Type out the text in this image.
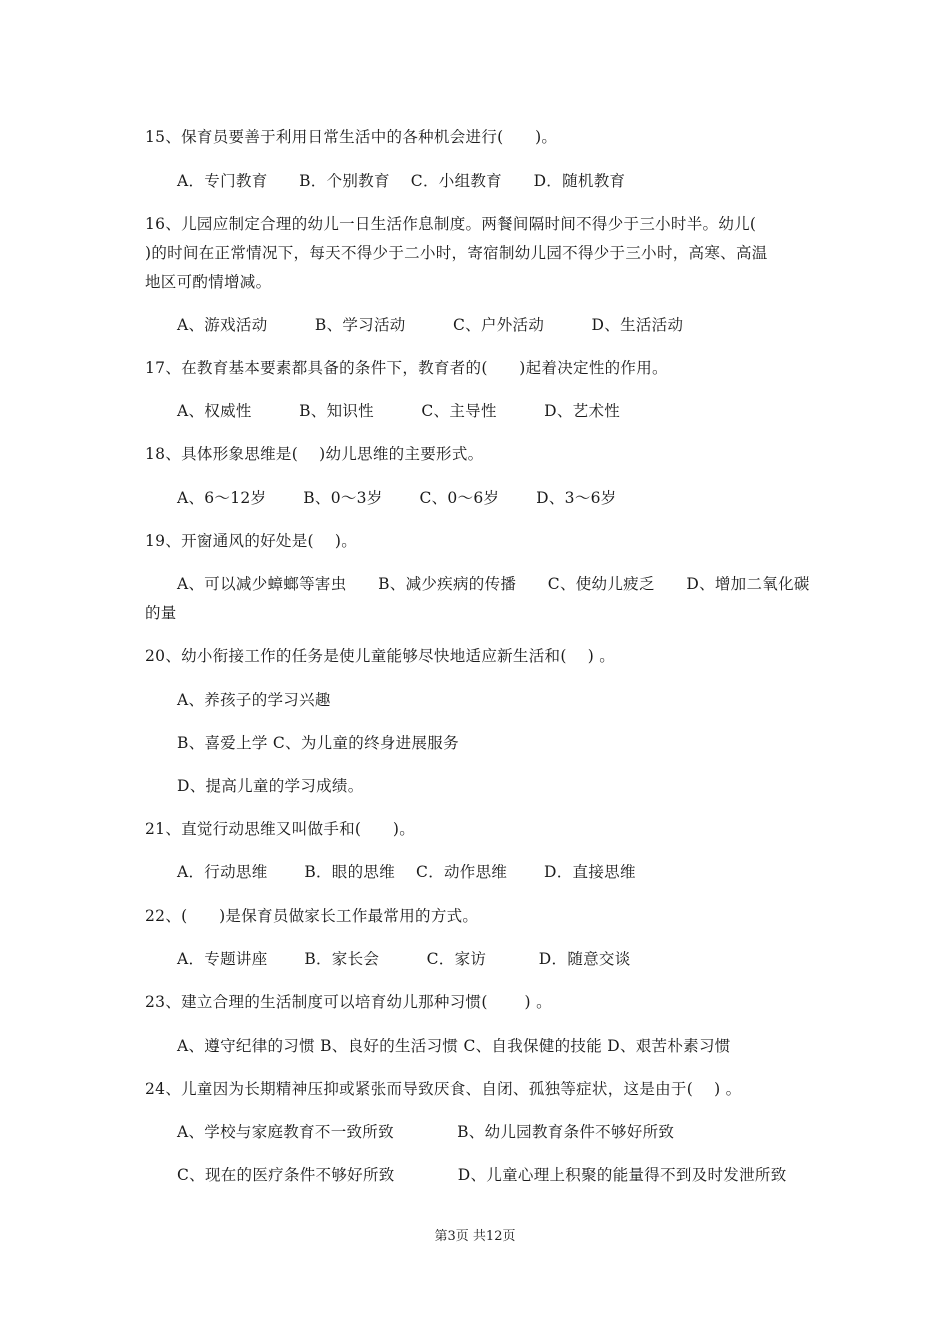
15、保育员要善于利用日常生活中的各种机会进行(　　)。
A．专门教育　　B．个别教育　 C．小组教育　　D．随机教育
16、儿园应制定合理的幼儿一日生活作息制度。两餐间隔时间不得少于三小时半。幼儿(
)的时间在正常情况下，每天不得少于二小时，寄宿制幼儿园不得少于三小时，高寒、高温
地区可酌情增减。
A、游戏活动　　　B、学习活动　　　C、户外活动　　　D、生活活动
17、在教育基本要素都具备的条件下，教育者的(　　)起着决定性的作用。
A、权威性　　　B、知识性　　　C、主导性　　　D、艺术性
18、具体形象思维是(　 )幼儿思维的主要形式。
A、6～12岁　　 B、0～3岁　　 C、0～6岁　　 D、3～6岁
19、开窗通风的好处是(　 )。
A、可以减少蟑螂等害虫　　B、减少疾病的传播　　C、使幼儿疲乏　　D、增加二氧化碳
的量
20、幼小衔接工作的任务是使儿童能够尽快地适应新生活和(　 ) 。
A、养孩子的学习兴趣
B、喜爱上学 C、为儿童的终身进展服务
D、提高儿童的学习成绩。
21、直觉行动思维又叫做手和(　　)。
A．行动思维　　 B．眼的思维　 C．动作思维　　 D．直接思维
22、(　　)是保育员做家长工作最常用的方式。
A．专题讲座　　 B．家长会　　　C．家访　　　 D．随意交谈
23、建立合理的生活制度可以培育幼儿那种习惯(　　 ) 。
A、遵守纪律的习惯 B、良好的生活习惯 C、自我保健的技能 D、艰苦朴素习惯
24、儿童因为长期精神压抑或紧张而导致厌食、自闭、孤独等症状，这是由于(　 ) 。
A、学校与家庭教育不一致所致　　　　B、幼儿园教育条件不够好所致
C、现在的医疗条件不够好所致　　　　D、儿童心理上积聚的能量得不到及时发泄所致
第3页 共12页
